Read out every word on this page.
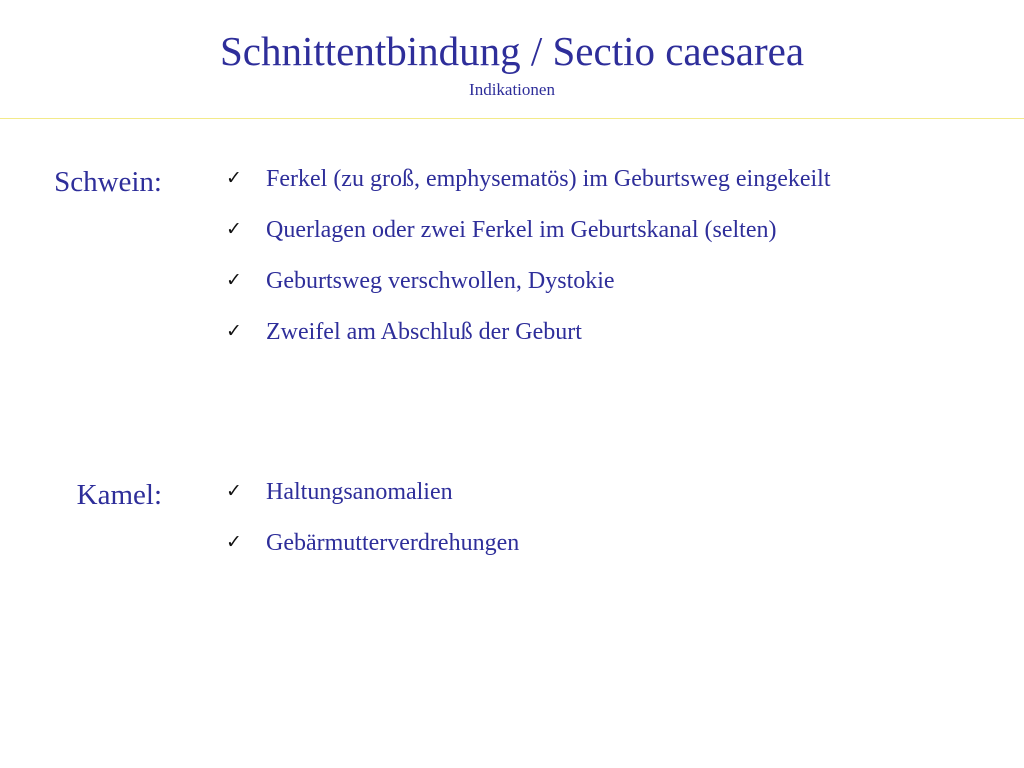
Schnittentbindung / Sectio caesarea
Indikationen
Schwein:	✓ Ferkel (zu groß, emphysematös) im Geburtsweg eingekeilt
✓ Querlagen oder zwei Ferkel im Geburtskanal (selten)
✓ Geburtsweg verschwollen, Dystokie
✓ Zweifel am Abschluß der Geburt
Kamel:	✓ Haltungsanomalien
✓ Gebärmutterverdrehungen
